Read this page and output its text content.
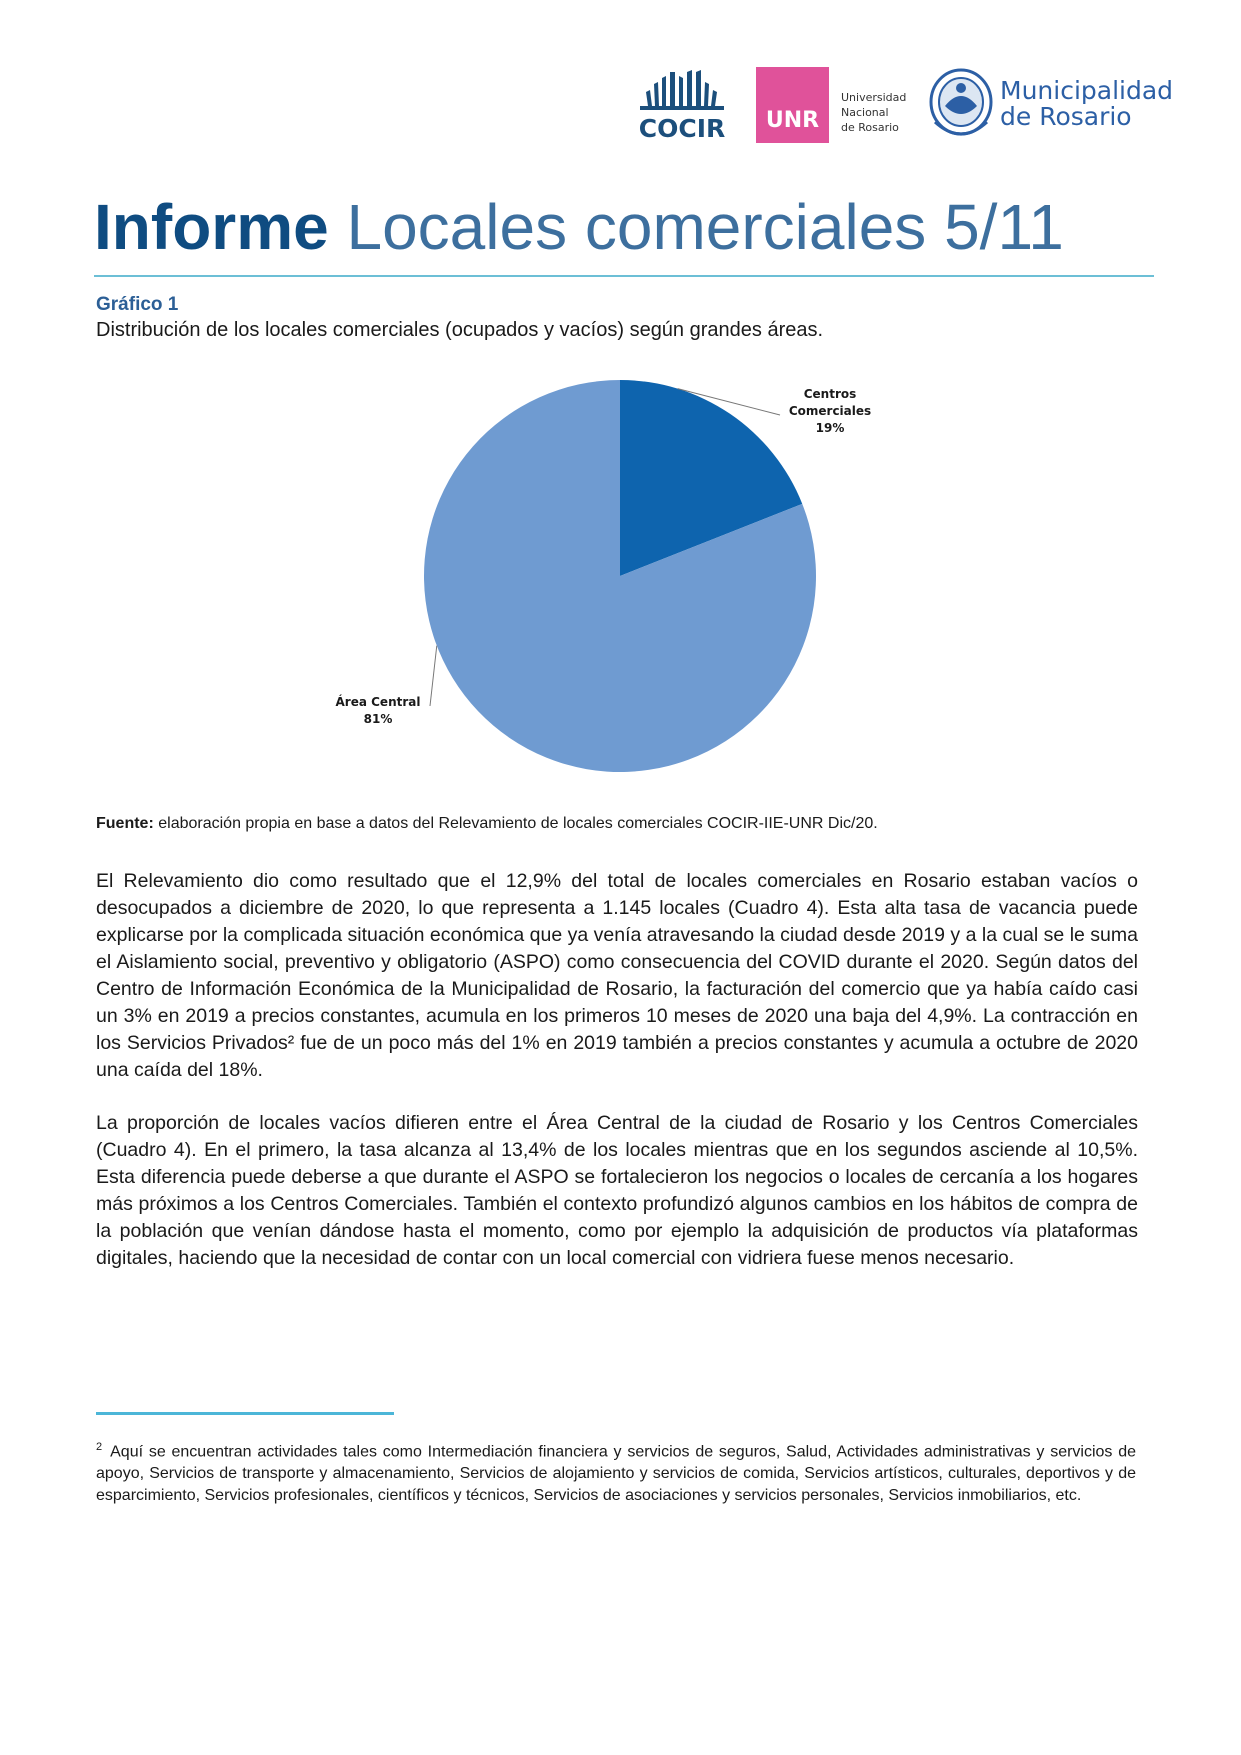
COCIR UNR
Universidad
Nacional
de Rosario
Municipalidad
de Rosario
Informe Locales comerciales 5/11
Gráfico 1
Distribución de los locales comerciales (ocupados y vacíos) según grandes áreas.
Centros
Comerciales
19%
Área Central
81%
Fuente: elaboración propia en base a datos del Relevamiento de locales comerciales COCIR-IIE-UNR Dic/20.
El Relevamiento dio como resultado que el 12,9% del total de locales comerciales en Rosario estaban vacíos o desocupados a diciembre de 2020, lo que representa a 1.145 locales (Cuadro 4). Esta alta tasa de vacancia puede explicarse por la complicada situación económica que ya venía atravesando la ciudad desde 2019 y a la cual se le suma el Aislamiento social, preventivo y obligatorio (ASPO) como consecuencia del COVID durante el 2020. Según datos del Centro de Información Económica de la Municipalidad de Rosario, la facturación del comercio que ya había caído casi un 3% en 2019 a precios constantes, acumula en los primeros 10 meses de 2020 una baja del 4,9%. La contracción en los Servicios Privados² fue de un poco más del 1% en 2019 también a precios constantes y acumula a octubre de 2020 una caída del 18%.
La proporción de locales vacíos difieren entre el Área Central de la ciudad de Rosario y los Centros Comerciales (Cuadro 4). En el primero, la tasa alcanza al 13,4% de los locales mientras que en los segundos asciende al 10,5%. Esta diferencia puede deberse a que durante el ASPO se fortalecieron los negocios o locales de cercanía a los hogares más próximos a los Centros Comerciales. También el contexto profundizó algunos cambios en los hábitos de compra de la población que venían dándose hasta el momento, como por ejemplo la adquisición de productos vía plataformas digitales, haciendo que la necesidad de contar con un local comercial con vidriera fuese menos necesario.
$^2$ Aquí se encuentran actividades tales como Intermediación financiera y servicios de seguros, Salud, Actividades administrativas y servicios de apoyo, Servicios de transporte y almacenamiento, Servicios de alojamiento y servicios de comida, Servicios artísticos, culturales, deportivos y de esparcimiento, Servicios profesionales, científicos y técnicos, Servicios de asociaciones y servicios personales, Servicios inmobiliarios, etc.
